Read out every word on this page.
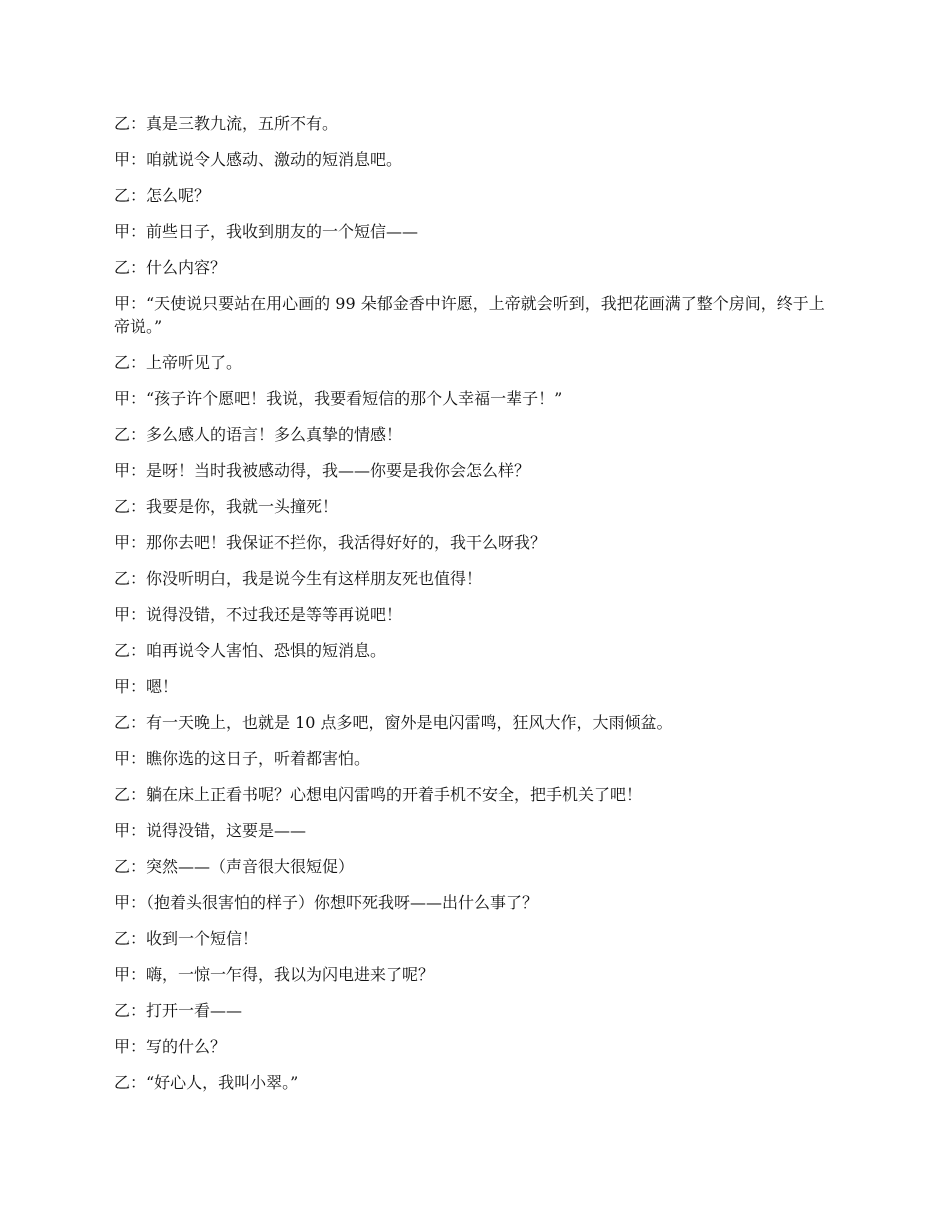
乙：真是三教九流，五所不有。

甲：咱就说令人感动、激动的短消息吧。

乙：怎么呢？

甲：前些日子，我收到朋友的一个短信——

乙：什么内容？

甲：“天使说只要站在用心画的 99 朵郁金香中许愿，上帝就会听到，我把花画满了整个房间，终于上帝说。”

乙：上帝听见了。

甲：“孩子许个愿吧！我说，我要看短信的那个人幸福一辈子！”

乙：多么感人的语言！多么真挚的情感！

甲：是呀！当时我被感动得，我——你要是我你会怎么样？

乙：我要是你，我就一头撞死！

甲：那你去吧！我保证不拦你，我活得好好的，我干么呀我？

乙：你没听明白，我是说今生有这样朋友死也值得！

甲：说得没错，不过我还是等等再说吧！

乙：咱再说令人害怕、恐惧的短消息。

甲：嗯！

乙：有一天晚上，也就是 10 点多吧，窗外是电闪雷鸣，狂风大作，大雨倾盆。

甲：瞧你选的这日子，听着都害怕。

乙：躺在床上正看书呢？心想电闪雷鸣的开着手机不安全，把手机关了吧！

甲：说得没错，这要是——

乙：突然——（声音很大很短促）

甲：（抱着头很害怕的样子）你想吓死我呀——出什么事了？

乙：收到一个短信！

甲：嗨，一惊一乍得，我以为闪电进来了呢？

乙：打开一看——

甲：写的什么？

乙：“好心人，我叫小翠。”
